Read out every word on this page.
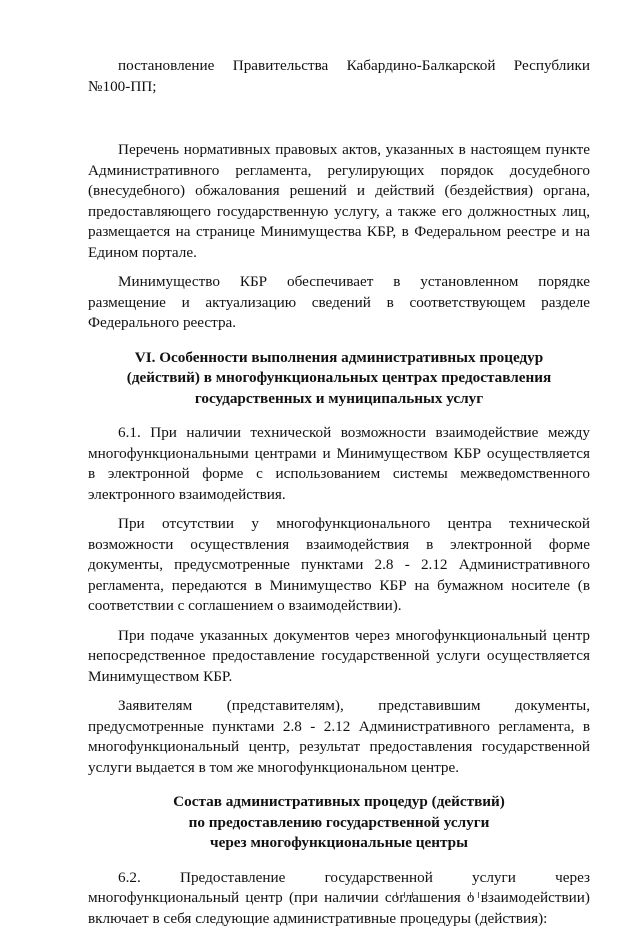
постановление Правительства Кабардино-Балкарской Республики №100-ПП;

Перечень нормативных правовых актов, указанных в настоящем пункте Административного регламента, регулирующих порядок досудебного (внесудебного) обжалования решений и действий (бездействия) органа, предоставляющего государственную услугу, а также его должностных лиц, размещается на странице Минимущества КБР, в Федеральном реестре и на Едином портале.

Минимущество КБР обеспечивает в установленном порядке размещение и актуализацию сведений в соответствующем разделе Федерального реестра.

VI. Особенности выполнения административных процедур
(действий) в многофункциональных центрах предоставления
государственных и муниципальных услуг

6.1. При наличии технической возможности взаимодействие между многофункциональными центрами и Минимуществом КБР осуществляется в электронной форме с использованием системы межведомственного электронного взаимодействия.

При отсутствии у многофункционального центра технической возможности осуществления взаимодействия в электронной форме документы, предусмотренные пунктами 2.8 - 2.12 Административного регламента, передаются в Минимущество КБР на бумажном носителе (в соответствии с соглашением о взаимодействии).

При подаче указанных документов через многофункциональный центр непосредственное предоставление государственной услуги осуществляется Минимуществом КБР.

Заявителям (представителям), представившим документы, предусмотренные пунктами 2.8 - 2.12 Административного регламента, в многофункциональный центр, результат предоставления государственной услуги выдается в том же многофункциональном центре.

Состав административных процедур (действий)
по предоставлению государственной услуги
через многофункциональные центры

6.2. Предоставление государственной услуги через многофункциональный центр (при наличии соглашения о взаимодействии) включает в себя следующие административные процедуры (действия):
